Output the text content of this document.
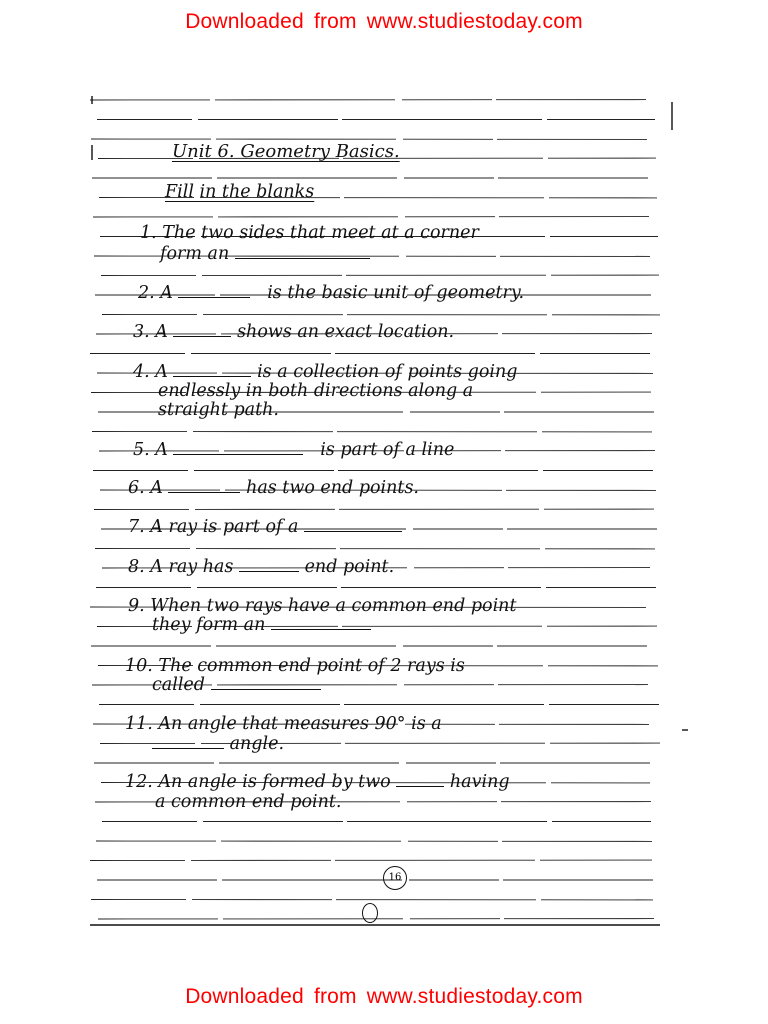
Downloaded from www.studiestoday.com
Unit 6. Geometry Basics.
Fill in the blanks
1. The two sides that meet at a corner
form an
2. A	is the basic unit of geometry.
3. A	shows an exact location.
4. A	is a collection of points going
endlessly in both directions along a
straight path.
5. A	is part of a line
6. A	has two end points.
7. A ray is part of a
8. A ray has	end point.
9. When two rays have a common end point
they form an
10. The common end point of 2 rays is
called
11. An angle that measures 90° is a
angle.
12. An angle is formed by two	having
a common end point.
16
Downloaded from www.studiestoday.com
